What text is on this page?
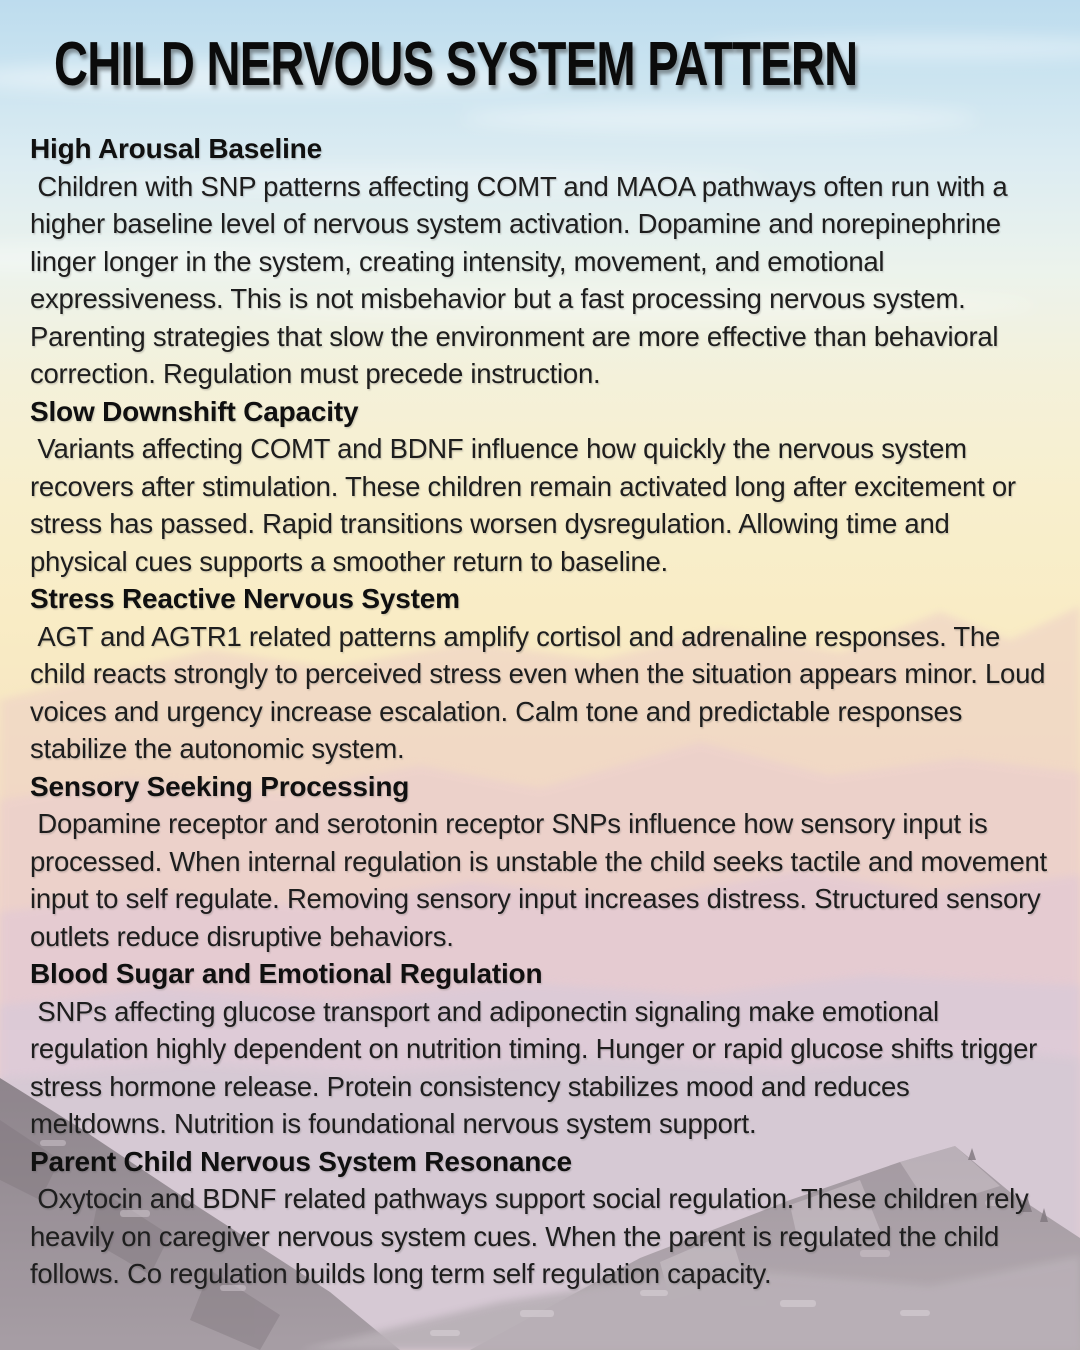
CHILD NERVOUS SYSTEM PATTERN
High Arousal Baseline

Children with SNP patterns affecting COMT and MAOA pathways often run with a higher baseline level of nervous system activation. Dopamine and norepinephrine linger longer in the system, creating intensity, movement, and emotional expressiveness. This is not misbehavior but a fast processing nervous system. Parenting strategies that slow the environment are more effective than behavioral correction. Regulation must precede instruction.

Slow Downshift Capacity

Variants affecting COMT and BDNF influence how quickly the nervous system recovers after stimulation. These children remain activated long after excitement or stress has passed. Rapid transitions worsen dysregulation. Allowing time and physical cues supports a smoother return to baseline.

Stress Reactive Nervous System

AGT and AGTR1 related patterns amplify cortisol and adrenaline responses. The child reacts strongly to perceived stress even when the situation appears minor. Loud voices and urgency increase escalation. Calm tone and predictable responses stabilize the autonomic system.

Sensory Seeking Processing

Dopamine receptor and serotonin receptor SNPs influence how sensory input is processed. When internal regulation is unstable the child seeks tactile and movement input to self regulate. Removing sensory input increases distress. Structured sensory outlets reduce disruptive behaviors.

Blood Sugar and Emotional Regulation

SNPs affecting glucose transport and adiponectin signaling make emotional regulation highly dependent on nutrition timing. Hunger or rapid glucose shifts trigger stress hormone release. Protein consistency stabilizes mood and reduces meltdowns. Nutrition is foundational nervous system support.

Parent Child Nervous System Resonance

Oxytocin and BDNF related pathways support social regulation. These children rely heavily on caregiver nervous system cues. When the parent is regulated the child follows. Co regulation builds long term self regulation capacity.
